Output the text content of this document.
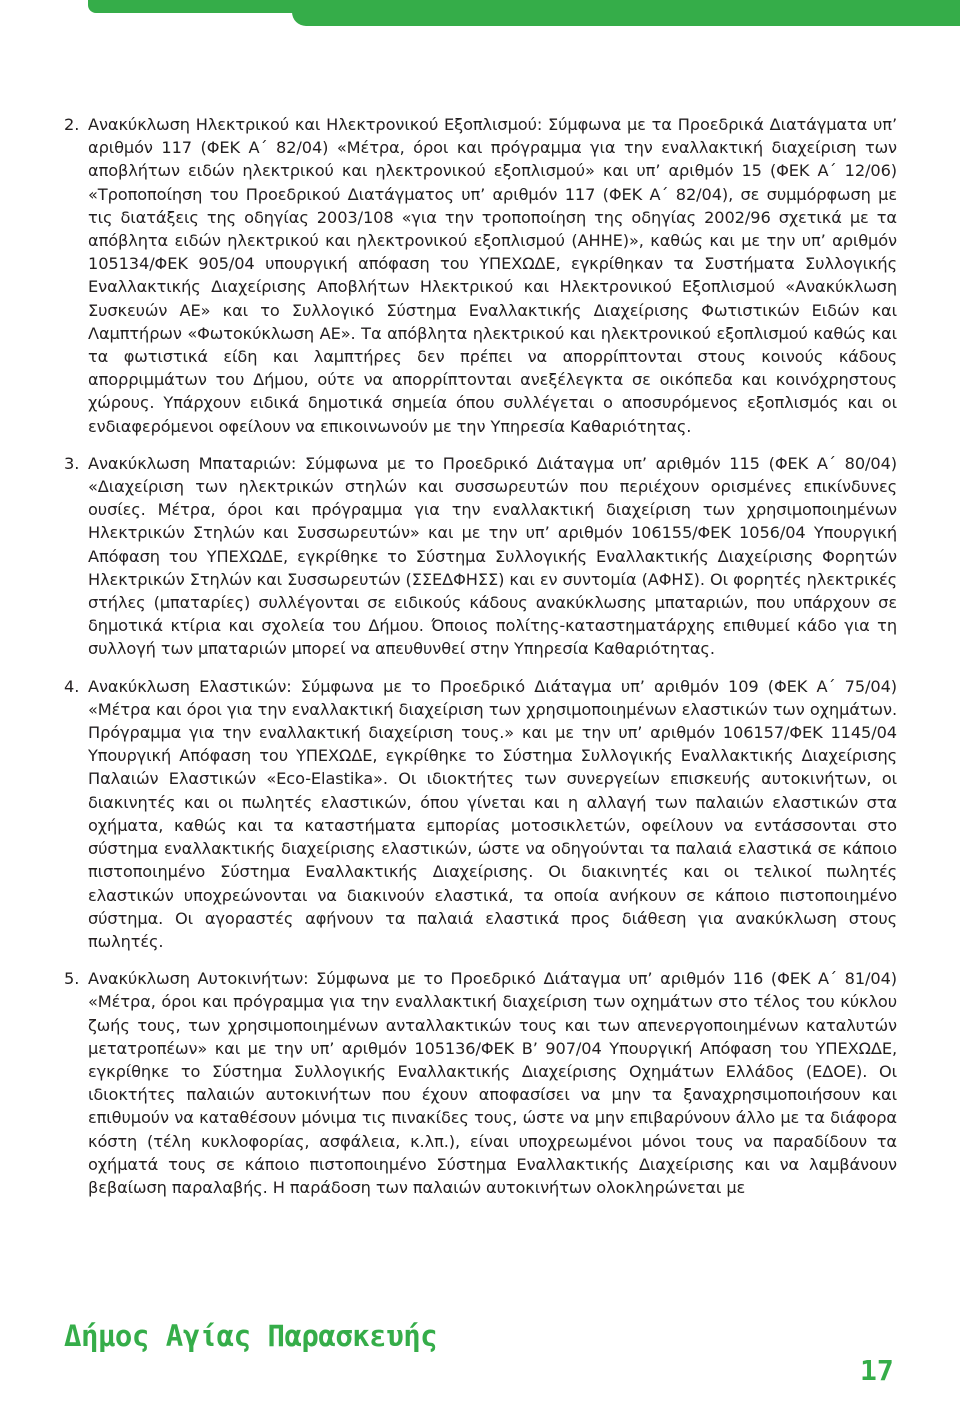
2. Ανακύκλωση Ηλεκτρικού και Ηλεκτρονικού Εξοπλισμού: Σύμφωνα με τα Προεδρικά Διατάγματα υπ’ αριθμόν 117 (ΦΕΚ Α΄ 82/04) «Μέτρα, όροι και πρόγραμμα για την εναλλακτική διαχείριση των αποβλήτων ειδών ηλεκτρικού και ηλεκτρονικού εξοπλισμού» και υπ’ αριθμόν 15 (ΦΕΚ Α΄ 12/06) «Τροποποίηση του Προεδρικού Διατάγματος υπ’ αριθμόν 117 (ΦΕΚ Α΄ 82/04), σε συμμόρφωση με τις διατάξεις της οδηγίας 2003/108 «για την τροποποίηση της οδηγίας 2002/96 σχετικά με τα απόβλητα ειδών ηλεκτρικού και ηλεκτρονικού εξοπλισμού (ΑΗΗΕ)», καθώς και με την υπ’ αριθμόν 105134/ΦΕΚ 905/04 υπουργική απόφαση του ΥΠΕΧΩΔΕ, εγκρίθηκαν τα Συστήματα Συλλογικής Εναλλακτικής Διαχείρισης Αποβλήτων Ηλεκτρικού και Ηλεκτρονικού Εξοπλισμού «Ανακύκλωση Συσκευών ΑΕ» και το Συλλογικό Σύστημα Εναλλακτικής Διαχείρισης Φωτιστικών Ειδών και Λαμπτήρων «Φωτοκύκλωση ΑΕ». Τα απόβλητα ηλεκτρικού και ηλεκτρονικού εξοπλισμού καθώς και τα φωτιστικά είδη και λαμπτήρες δεν πρέπει να απορρίπτονται στους κοινούς κάδους απορριμμάτων του Δήμου, ούτε να απορρίπτονται ανεξέλεγκτα σε οικόπεδα και κοινόχρηστους χώρους. Υπάρχουν ειδικά δημοτικά σημεία όπου συλλέγεται ο αποσυρόμενος εξοπλισμός και οι ενδιαφερόμενοι οφείλουν να επικοινωνούν με την Υπηρεσία Καθαριότητας.

3. Ανακύκλωση Μπαταριών: Σύμφωνα με το Προεδρικό Διάταγμα υπ’ αριθμόν 115 (ΦΕΚ Α΄ 80/04) «Διαχείριση των ηλεκτρικών στηλών και συσσωρευτών που περιέχουν ορισμένες επικίνδυνες ουσίες. Μέτρα, όροι και πρόγραμμα για την εναλλακτική διαχείριση των χρησιμοποιημένων Ηλεκτρικών Στηλών και Συσσωρευτών» και με την υπ’ αριθμόν 106155/ΦΕΚ 1056/04 Υπουργική Απόφαση του ΥΠΕΧΩΔΕ, εγκρίθηκε το Σύστημα Συλλογικής Εναλλακτικής Διαχείρισης Φορητών Ηλεκτρικών Στηλών και Συσσωρευτών (ΣΣΕΔΦΗΣΣ) και εν συντομία (ΑΦΗΣ). Οι φορητές ηλεκτρικές στήλες (μπαταρίες) συλλέγονται σε ειδικούς κάδους ανακύκλωσης μπαταριών, που υπάρχουν σε δημοτικά κτίρια και σχολεία του Δήμου. Όποιος πολίτης-καταστηματάρχης επιθυμεί κάδο για τη συλλογή των μπαταριών μπορεί να απευθυνθεί στην Υπηρεσία Καθαριότητας.

4. Ανακύκλωση Ελαστικών: Σύμφωνα με το Προεδρικό Διάταγμα υπ’ αριθμόν 109 (ΦΕΚ Α΄ 75/04) «Μέτρα και όροι για την εναλλακτική διαχείριση των χρησιμοποιημένων ελαστικών των οχημάτων. Πρόγραμμα για την εναλλακτική διαχείριση τους.» και με την υπ’ αριθμόν 106157/ΦΕΚ 1145/04 Υπουργική Απόφαση του ΥΠΕΧΩΔΕ, εγκρίθηκε το Σύστημα Συλλογικής Εναλλακτικής Διαχείρισης Παλαιών Ελαστικών «Eco-Elastika». Οι ιδιοκτήτες των συνεργείων επισκευής αυτοκινήτων, οι διακινητές και οι πωλητές ελαστικών, όπου γίνεται και η αλλαγή των παλαιών ελαστικών στα οχήματα, καθώς και τα καταστήματα εμπορίας μοτοσικλετών, οφείλουν να εντάσσονται στο σύστημα εναλλακτικής διαχείρισης ελαστικών, ώστε να οδηγούνται τα παλαιά ελαστικά σε κάποιο πιστοποιημένο Σύστημα Εναλλακτικής Διαχείρισης. Οι διακινητές και οι τελικοί πωλητές ελαστικών υποχρεώνονται να διακινούν ελαστικά, τα οποία ανήκουν σε κάποιο πιστοποιημένο σύστημα. Οι αγοραστές αφήνουν τα παλαιά ελαστικά προς διάθεση για ανακύκλωση στους πωλητές.

5. Ανακύκλωση Αυτοκινήτων: Σύμφωνα με το Προεδρικό Διάταγμα υπ’ αριθμόν 116 (ΦΕΚ Α΄ 81/04) «Μέτρα, όροι και πρόγραμμα για την εναλλακτική διαχείριση των οχημάτων στο τέλος του κύκλου ζωής τους, των χρησιμοποιημένων ανταλλακτικών τους και των απενεργοποιημένων καταλυτών μετατροπέων» και με την υπ’ αριθμόν 105136/ΦΕΚ Β’ 907/04 Υπουργική Απόφαση του ΥΠΕΧΩΔΕ, εγκρίθηκε το Σύστημα Συλλογικής Εναλλακτικής Διαχείρισης Οχημάτων Ελλάδος (ΕΔΟΕ). Οι ιδιοκτήτες παλαιών αυτοκινήτων που έχουν αποφασίσει να μην τα ξαναχρησιμοποιήσουν και επιθυμούν να καταθέσουν μόνιμα τις πινακίδες τους, ώστε να μην επιβαρύνουν άλλο με τα διάφορα κόστη (τέλη κυκλοφορίας, ασφάλεια, κ.λπ.), είναι υποχρεωμένοι μόνοι τους να παραδίδουν τα οχήματά τους σε κάποιο πιστοποιημένο Σύστημα Εναλλακτικής Διαχείρισης και να λαμβάνουν βεβαίωση παραλαβής. Η παράδοση των παλαιών αυτοκινήτων ολοκληρώνεται με

Δήμος Αγίας Παρασκευής
17
